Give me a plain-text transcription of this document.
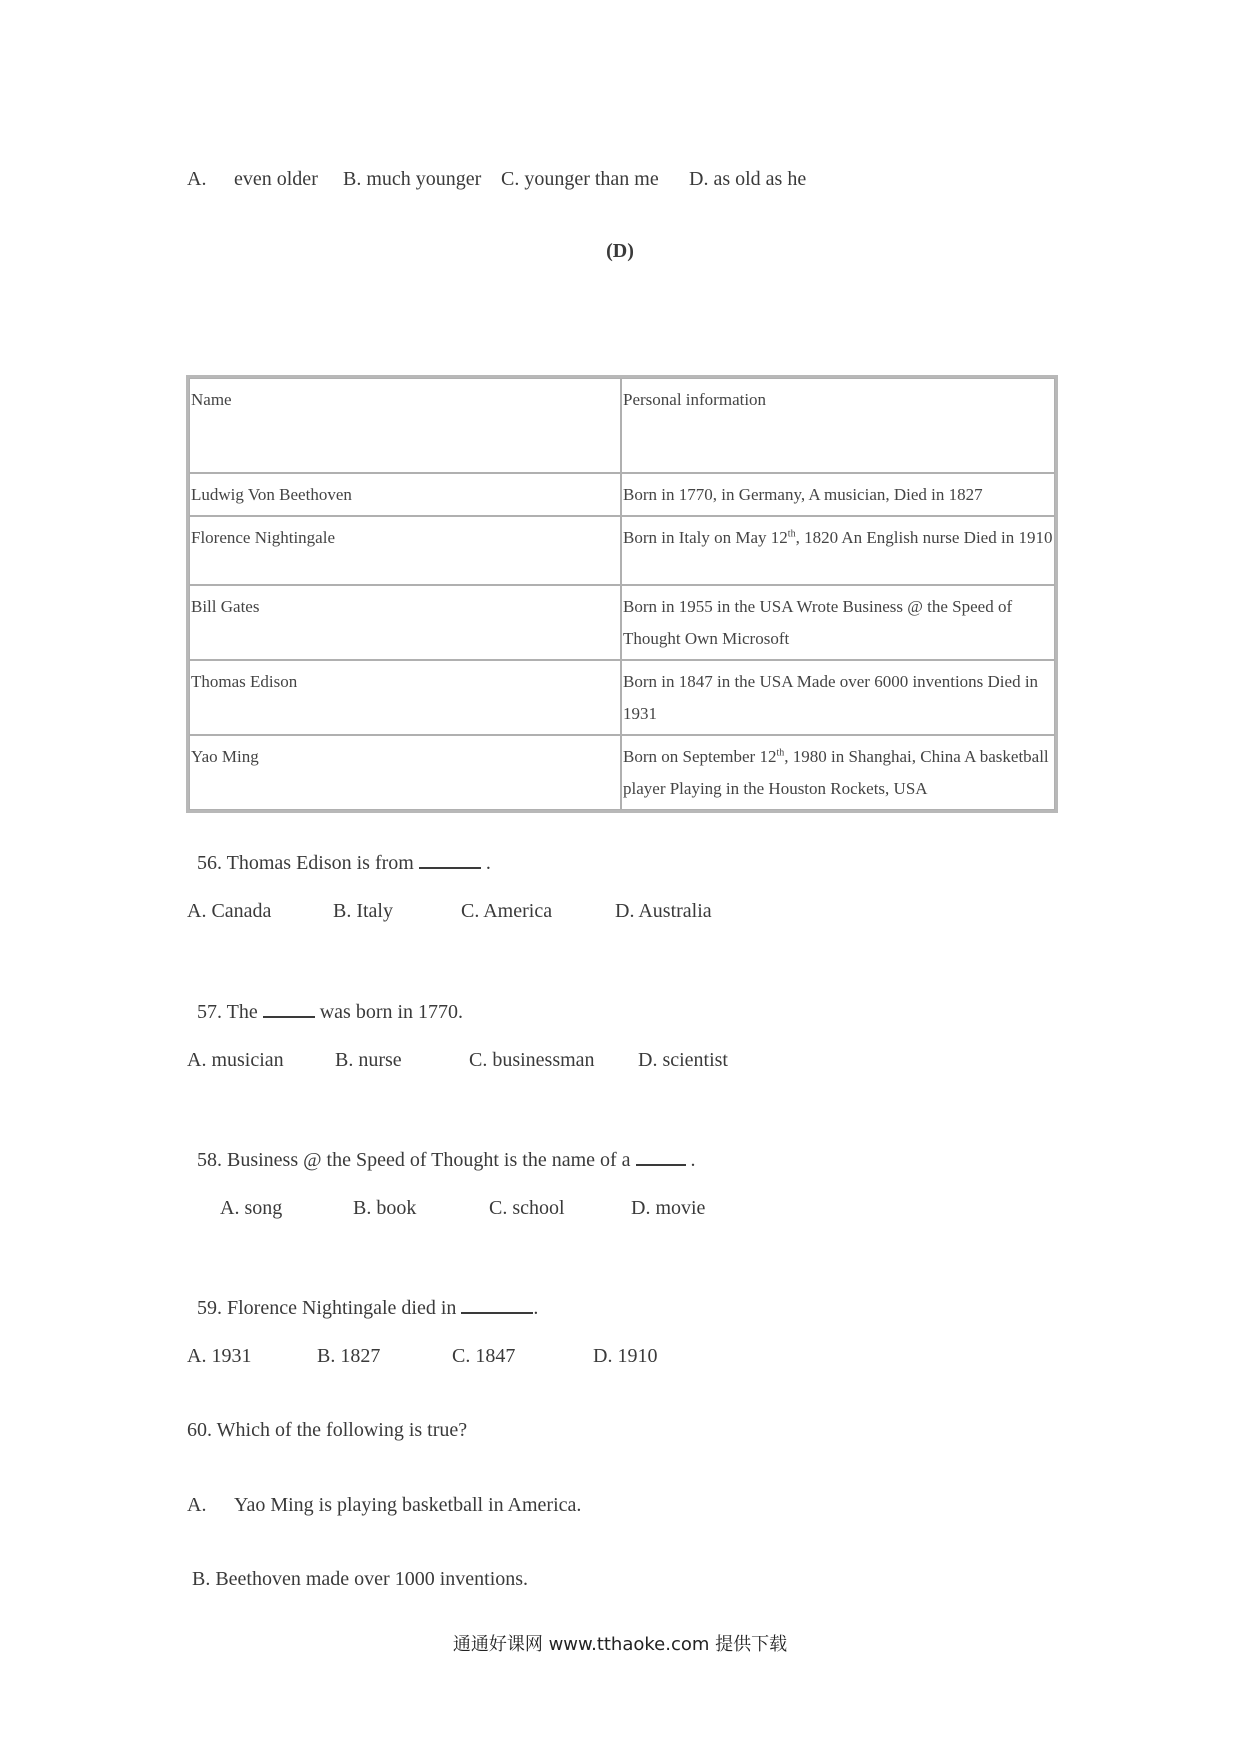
A.

even older

B. much younger

C. younger than me

D. as old as he

(D)
Name	Personal information
Ludwig Von Beethoven	Born in 1770, in Germany, A musician, Died in 1827
Florence Nightingale	Born in Italy on May 12th, 1820 An English nurse Died in 1910
Bill Gates	Born in 1955 in the USA Wrote Business @ the Speed of Thought Own Microsoft
Thomas Edison	Born in 1847 in the USA Made over 6000 inventions Died in 1931
Yao Ming	Born on September 12th, 1980 in Shanghai, China A basketball player Playing in the Houston Rockets, USA

56. Thomas Edison is from	.

A. Canada

	B. Italy

	C. America

	D. Australia

57. The	was born in 1770.

A. musician

	B. nurse

	C. businessman

D. scientist

58. Business @ the Speed of Thought is the name of a	.

A. song

	B. book

	C. school

	D. movie

59. Florence Nightingale died in	.

A. 1931

	B. 1827

	C. 1847

	D. 1910

60. Which of the following is true?

A.

Yao Ming is playing basketball in America.

B. Beethoven made over 1000 inventions.
通通好课网 www.tthaoke.com 提供下载
